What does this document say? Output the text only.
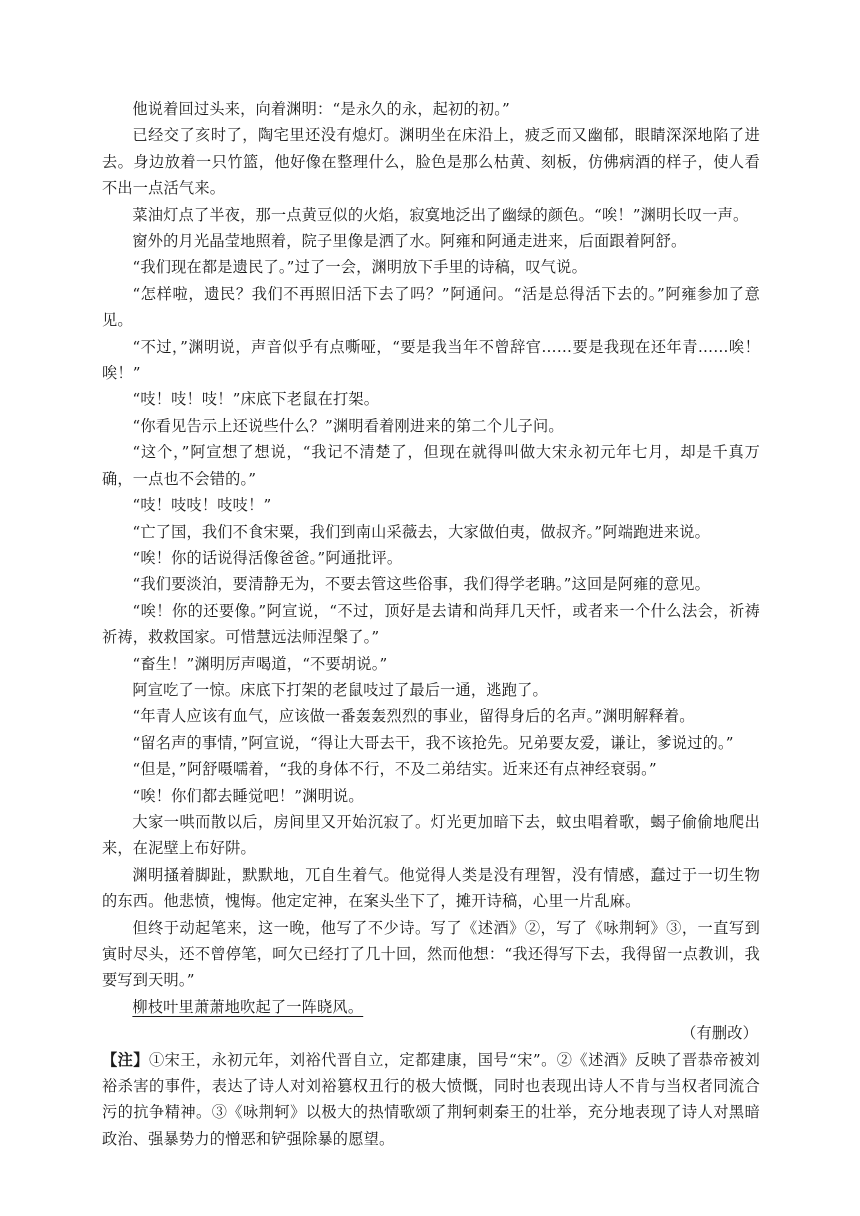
他说着回过头来，向着渊明：“是永久的永，起初的初。”

已经交了亥时了，陶宅里还没有熄灯。渊明坐在床沿上，疲乏而又幽郁，眼睛深深地陷了进去。身边放着一只竹篮，他好像在整理什么，脸色是那么枯黄、刻板，仿佛病酒的样子，使人看不出一点活气来。

菜油灯点了半夜，那一点黄豆似的火焰，寂寞地泛出了幽绿的颜色。“唉！”渊明长叹一声。

窗外的月光晶莹地照着，院子里像是洒了水。阿雍和阿通走进来，后面跟着阿舒。

“我们现在都是遗民了。”过了一会，渊明放下手里的诗稿，叹气说。

“怎样啦，遗民？我们不再照旧活下去了吗？”阿通问。“活是总得活下去的。”阿雍参加了意见。

“不过，”渊明说，声音似乎有点嘶哑，“要是我当年不曾辞官……要是我现在还年青……唉！唉！”

“吱！吱！吱！”床底下老鼠在打架。

“你看见告示上还说些什么？”渊明看着刚进来的第二个儿子问。

“这个，”阿宣想了想说，“我记不清楚了，但现在就得叫做大宋永初元年七月，却是千真万确，一点也不会错的。”

“吱！吱吱！吱吱！”

“亡了国，我们不食宋粟，我们到南山采薇去，大家做伯夷，做叔齐。”阿端跑进来说。

“唉！你的话说得活像爸爸。”阿通批评。

“我们要淡泊，要清静无为，不要去管这些俗事，我们得学老聃。”这回是阿雍的意见。

“唉！你的还要像。”阿宣说，“不过，顶好是去请和尚拜几天忏，或者来一个什么法会，祈祷祈祷，救救国家。可惜慧远法师涅槃了。”

“畜生！”渊明厉声喝道，“不要胡说。”

阿宣吃了一惊。床底下打架的老鼠吱过了最后一通，逃跑了。

“年青人应该有血气，应该做一番轰轰烈烈的事业，留得身后的名声。”渊明解释着。

“留名声的事情，”阿宣说，“得让大哥去干，我不该抢先。兄弟要友爱，谦让，爹说过的。”

“但是，”阿舒嗫嚅着，“我的身体不行，不及二弟结实。近来还有点神经衰弱。”

“唉！你们都去睡觉吧！”渊明说。

大家一哄而散以后，房间里又开始沉寂了。灯光更加暗下去，蚊虫唱着歌，蝎子偷偷地爬出来，在泥壁上布好阱。

渊明搔着脚趾，默默地，兀自生着气。他觉得人类是没有理智，没有情感，蠢过于一切生物的东西。他悲愤，愧悔。他定定神，在案头坐下了，摊开诗稿，心里一片乱麻。

但终于动起笔来，这一晚，他写了不少诗。写了《述酒》②，写了《咏荆轲》③，一直写到寅时尽头，还不曾停笔，呵欠已经打了几十回，然而他想：“我还得写下去，我得留一点教训，我要写到天明。”

柳枝叶里萧萧地吹起了一阵晓风。

（有删改）

【注】①宋王，永初元年，刘裕代晋自立，定都建康，国号“宋”。②《述酒》反映了晋恭帝被刘裕杀害的事件，表达了诗人对刘裕篡权丑行的极大愤慨，同时也表现出诗人不肯与当权者同流合污的抗争精神。③《咏荆轲》以极大的热情歌颂了荆轲刺秦王的壮举，充分地表现了诗人对黑暗政治、强暴势力的憎恶和铲强除暴的愿望。
